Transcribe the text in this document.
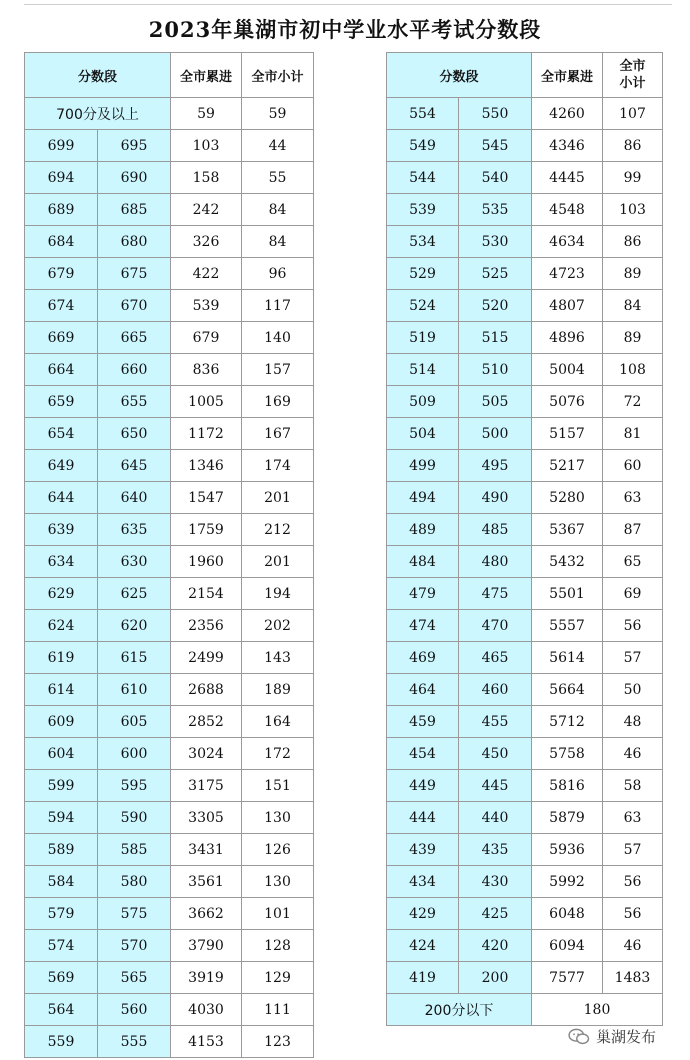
2023年巢湖市初中学业水平考试分数段
分数段		全市累进	全市小计
700分及以上		59	59
699	695	103	44
694	690	158	55
689	685	242	84
684	680	326	84
679	675	422	96
674	670	539	117
669	665	679	140
664	660	836	157
659	655	1005	169
654	650	1172	167
649	645	1346	174
644	640	1547	201
639	635	1759	212
634	630	1960	201
629	625	2154	194
624	620	2356	202
619	615	2499	143
614	610	2688	189
609	605	2852	164
604	600	3024	172
599	595	3175	151
594	590	3305	130
589	585	3431	126
584	580	3561	130
579	575	3662	101
574	570	3790	128
569	565	3919	129
564	560	4030	111
559	555	4153	123
分数段		全市累进	全市
小计
554	550	4260	107
549	545	4346	86
544	540	4445	99
539	535	4548	103
534	530	4634	86
529	525	4723	89
524	520	4807	84
519	515	4896	89
514	510	5004	108
509	505	5076	72
504	500	5157	81
499	495	5217	60
494	490	5280	63
489	485	5367	87
484	480	5432	65
479	475	5501	69
474	470	5557	56
469	465	5614	57
464	460	5664	50
459	455	5712	48
454	450	5758	46
449	445	5816	58
444	440	5879	63
439	435	5936	57
434	430	5992	56
429	425	6048	56
424	420	6094	46
419	200	7577	1483
200分以下		180	
巢湖发布
